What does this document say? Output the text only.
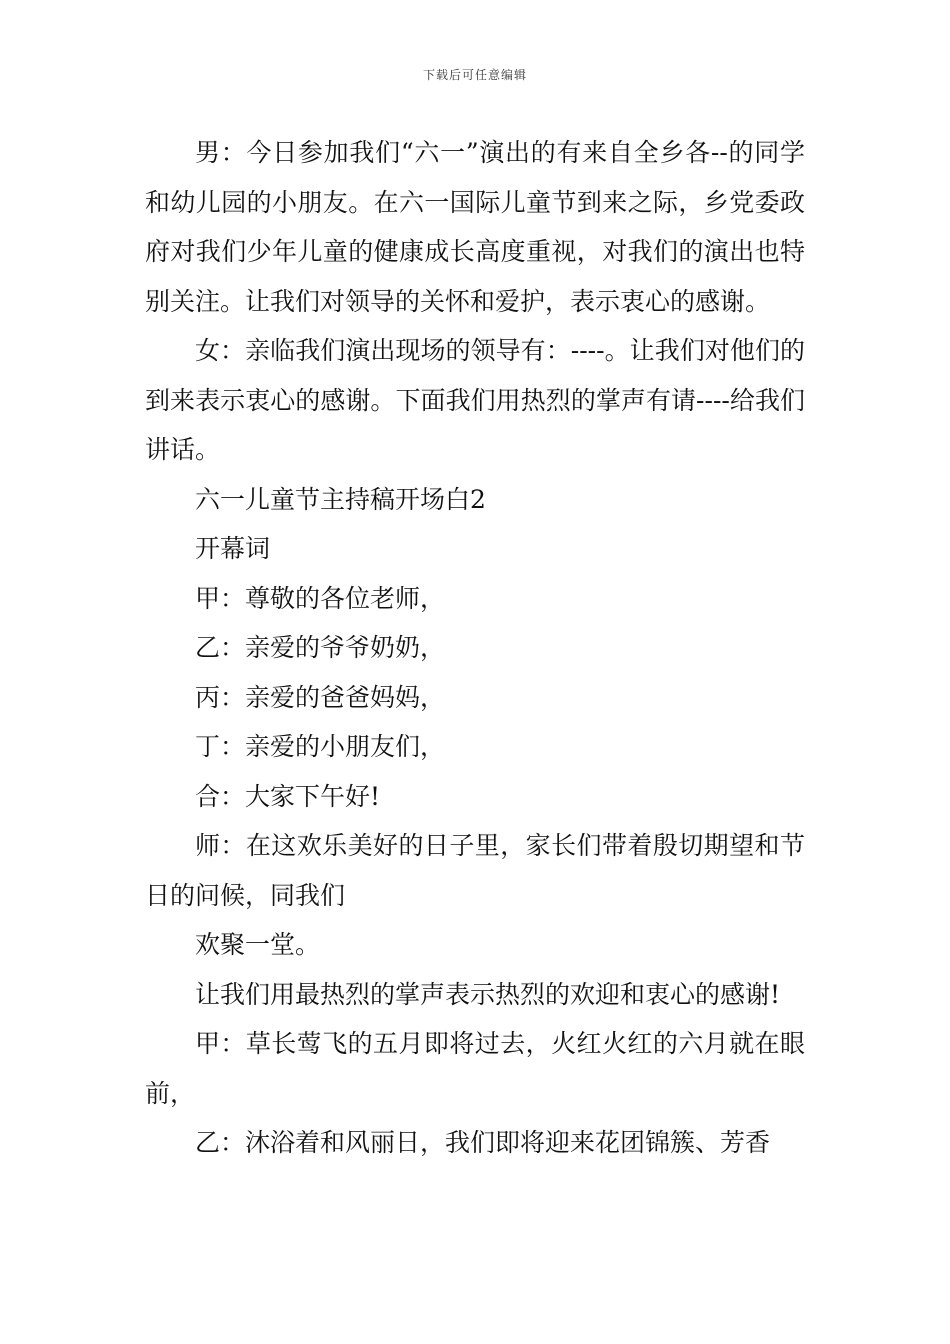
下载后可任意编辑

男：今日参加我们“六一”演出的有来自全乡各--的同学和幼儿园的小朋友。在六一国际儿童节到来之际，乡党委政府对我们少年儿童的健康成长高度重视，对我们的演出也特别关注。让我们对领导的关怀和爱护，表示衷心的感谢。

女：亲临我们演出现场的领导有：----。让我们对他们的到来表示衷心的感谢。下面我们用热烈的掌声有请----给我们讲话。

六一儿童节主持稿开场白2

开幕词

甲：尊敬的各位老师，

乙：亲爱的爷爷奶奶，

丙：亲爱的爸爸妈妈，

丁：亲爱的小朋友们，

合：大家下午好!

师：在这欢乐美好的日子里，家长们带着殷切期望和节日的问候，同我们

欢聚一堂。

让我们用最热烈的掌声表示热烈的欢迎和衷心的感谢!

甲：草长莺飞的五月即将过去，火红火红的六月就在眼前，

乙：沐浴着和风丽日，我们即将迎来花团锦簇、芳香
